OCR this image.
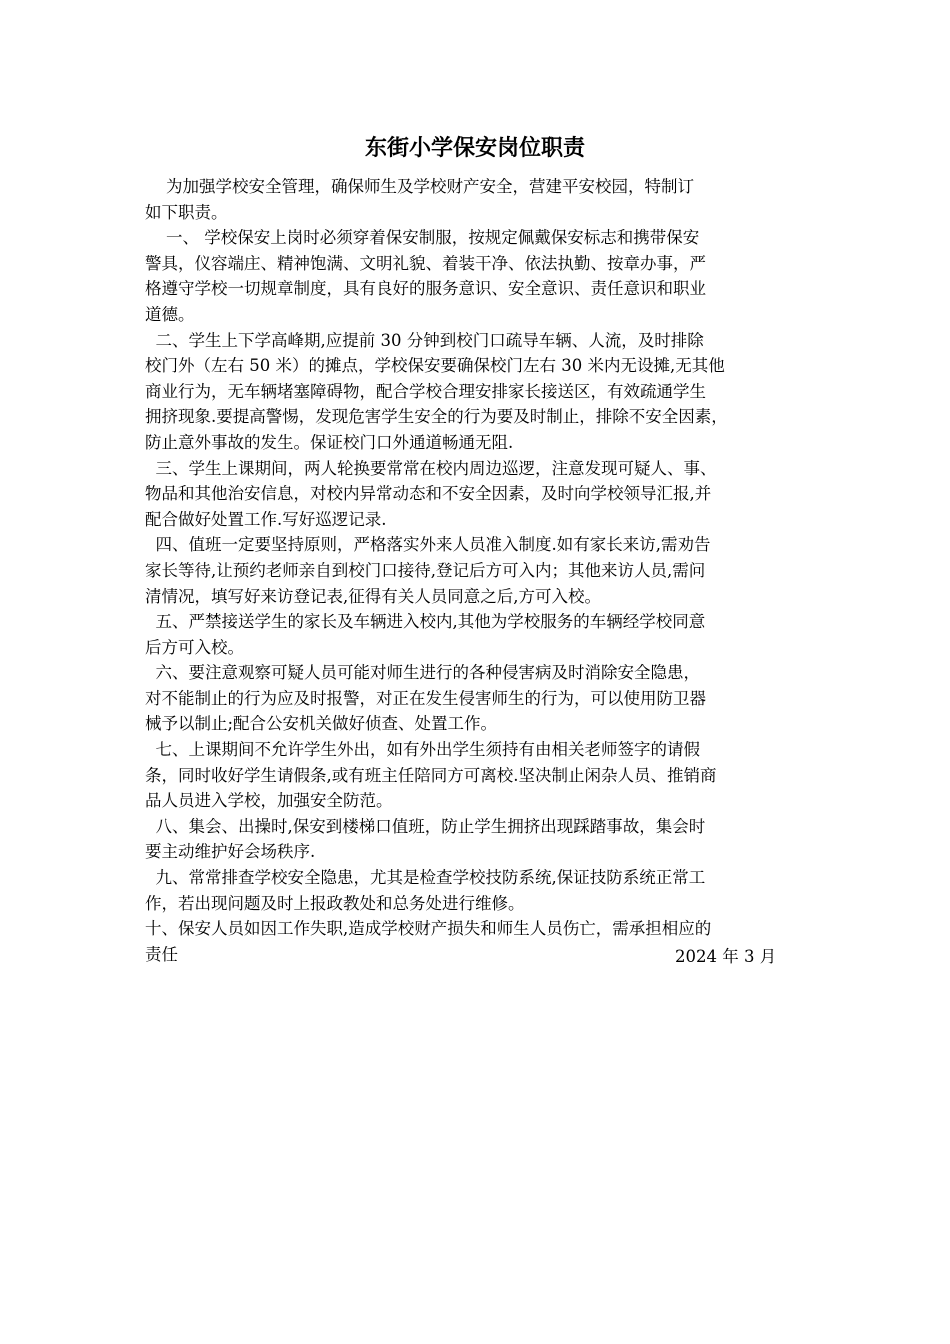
东街小学保安岗位职责
为加强学校安全管理，确保师生及学校财产安全，营建平安校园，特制订
如下职责。
一、 学校保安上岗时必须穿着保安制服，按规定佩戴保安标志和携带保安
警具，仪容端庄、精神饱满、文明礼貌、着装干净、依法执勤、按章办事，严
格遵守学校一切规章制度，具有良好的服务意识、安全意识、责任意识和职业
道德。
二、学生上下学高峰期,应提前 30 分钟到校门口疏导车辆、人流，及时排除
校门外（左右 50 米）的摊点，学校保安要确保校门左右 30 米内无设摊,无其他
商业行为，无车辆堵塞障碍物，配合学校合理安排家长接送区，有效疏通学生
拥挤现象.要提高警惕，发现危害学生安全的行为要及时制止，排除不安全因素，
防止意外事故的发生。保证校门口外通道畅通无阻.
三、学生上课期间，两人轮换要常常在校内周边巡逻，注意发现可疑人、事、
物品和其他治安信息，对校内异常动态和不安全因素，及时向学校领导汇报,并
配合做好处置工作.写好巡逻记录.
四、值班一定要坚持原则，严格落实外来人员准入制度.如有家长来访,需劝告
家长等待,让预约老师亲自到校门口接待,登记后方可入内；其他来访人员,需问
清情况，填写好来访登记表,征得有关人员同意之后,方可入校。
五、严禁接送学生的家长及车辆进入校内,其他为学校服务的车辆经学校同意
后方可入校。
六、要注意观察可疑人员可能对师生进行的各种侵害病及时消除安全隐患，
对不能制止的行为应及时报警，对正在发生侵害师生的行为，可以使用防卫器
械予以制止;配合公安机关做好侦查、处置工作。
七、上课期间不允许学生外出，如有外出学生须持有由相关老师签字的请假
条，同时收好学生请假条,或有班主任陪同方可离校.坚决制止闲杂人员、推销商
品人员进入学校，加强安全防范。
八、集会、出操时,保安到楼梯口值班，防止学生拥挤出现踩踏事故，集会时
要主动维护好会场秩序.
九、常常排查学校安全隐患，尤其是检查学校技防系统,保证技防系统正常工
作，若出现问题及时上报政教处和总务处进行维修。
十、保安人员如因工作失职,造成学校财产损失和师生人员伤亡，需承担相应的
责任	2024 年 3 月
